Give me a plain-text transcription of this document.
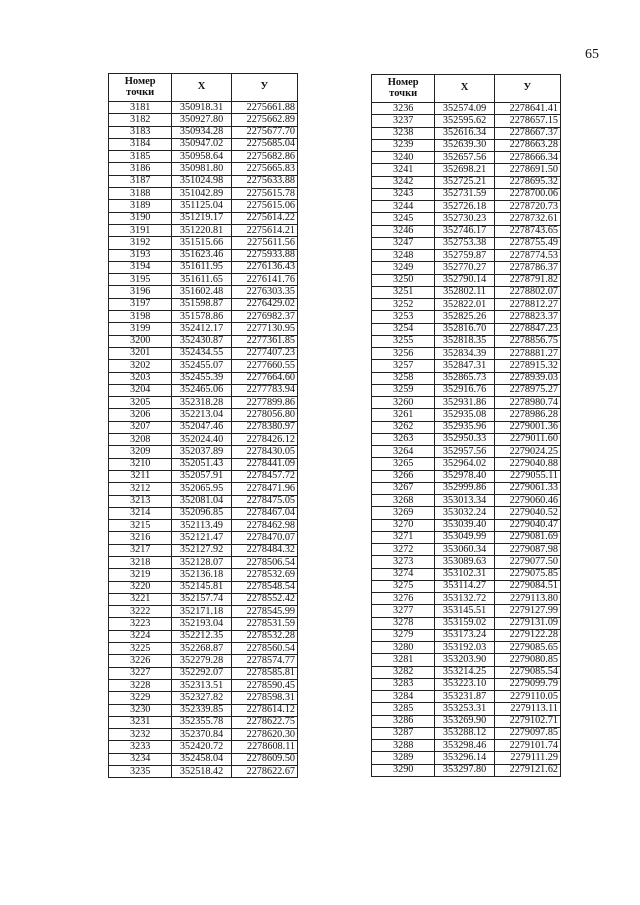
65
Номер
точки	X	У
3181	350918.31	2275661.88
3182	350927.80	2275662.89
3183	350934.28	2275677.70
3184	350947.02	2275685.04
3185	350958.64	2275682.86
3186	350981.80	2275665.83
3187	351024.98	2275633.88
3188	351042.89	2275615.78
3189	351125.04	2275615.06
3190	351219.17	2275614.22
3191	351220.81	2275614.21
3192	351515.66	2275611.56
3193	351623.46	2275933.88
3194	351611.95	2276136.43
3195	351611.65	2276141.76
3196	351602.48	2276303.35
3197	351598.87	2276429.02
3198	351578.86	2276982.37
3199	352412.17	2277130.95
3200	352430.87	2277361.85
3201	352434.55	2277407.23
3202	352455.07	2277660.55
3203	352455.39	2277664.60
3204	352465.06	2277783.94
3205	352318.28	2277899.86
3206	352213.04	2278056.80
3207	352047.46	2278380.97
3208	352024.40	2278426.12
3209	352037.89	2278430.05
3210	352051.43	2278441.09
3211	352057.91	2278457.72
3212	352065.95	2278471.96
3213	352081.04	2278475.05
3214	352096.85	2278467.04
3215	352113.49	2278462.98
3216	352121.47	2278470.07
3217	352127.92	2278484.32
3218	352128.07	2278506.54
3219	352136.18	2278532.69
3220	352145.81	2278548.54
3221	352157.74	2278552.42
3222	352171.18	2278545.99
3223	352193.04	2278531.59
3224	352212.35	2278532.28
3225	352268.87	2278560.54
3226	352279.28	2278574.77
3227	352292.07	2278585.81
3228	352313.51	2278590.45
3229	352327.82	2278598.31
3230	352339.85	2278614.12
3231	352355.78	2278622.75
3232	352370.84	2278620.30
3233	352420.72	2278608.11
3234	352458.04	2278609.50
3235	352518.42	2278622.67
Номер
точки	X	У
3236	352574.09	2278641.41
3237	352595.62	2278657.15
3238	352616.34	2278667.37
3239	352639.30	2278663.28
3240	352657.56	2278666.34
3241	352698.21	2278691.50
3242	352725.21	2278695.32
3243	352731.59	2278700.06
3244	352726.18	2278720.73
3245	352730.23	2278732.61
3246	352746.17	2278743.65
3247	352753.38	2278755.49
3248	352759.87	2278774.53
3249	352770.27	2278786.37
3250	352790.14	2278791.82
3251	352802.11	2278802.07
3252	352822.01	2278812.27
3253	352825.26	2278823.37
3254	352816.70	2278847.23
3255	352818.35	2278856.75
3256	352834.39	2278881.27
3257	352847.31	2278915.32
3258	352865.73	2278939.03
3259	352916.76	2278975.27
3260	352931.86	2278980.74
3261	352935.08	2278986.28
3262	352935.96	2279001.36
3263	352950.33	2279011.60
3264	352957.56	2279024.25
3265	352964.02	2279040.88
3266	352978.40	2279055.11
3267	352999.86	2279061.33
3268	353013.34	2279060.46
3269	353032.24	2279040.52
3270	353039.40	2279040.47
3271	353049.99	2279081.69
3272	353060.34	2279087.98
3273	353089.63	2279077.50
3274	353102.31	2279075.85
3275	353114.27	2279084.51
3276	353132.72	2279113.80
3277	353145.51	2279127.99
3278	353159.02	2279131.09
3279	353173.24	2279122.28
3280	353192.03	2279085.65
3281	353203.90	2279080.85
3282	353214.25	2279085.54
3283	353223.10	2279099.79
3284	353231.87	2279110.05
3285	353253.31	2279113.11
3286	353269.90	2279102.71
3287	353288.12	2279097.85
3288	353298.46	2279101.74
3289	353296.14	2279111.29
3290	353297.80	2279121.62
